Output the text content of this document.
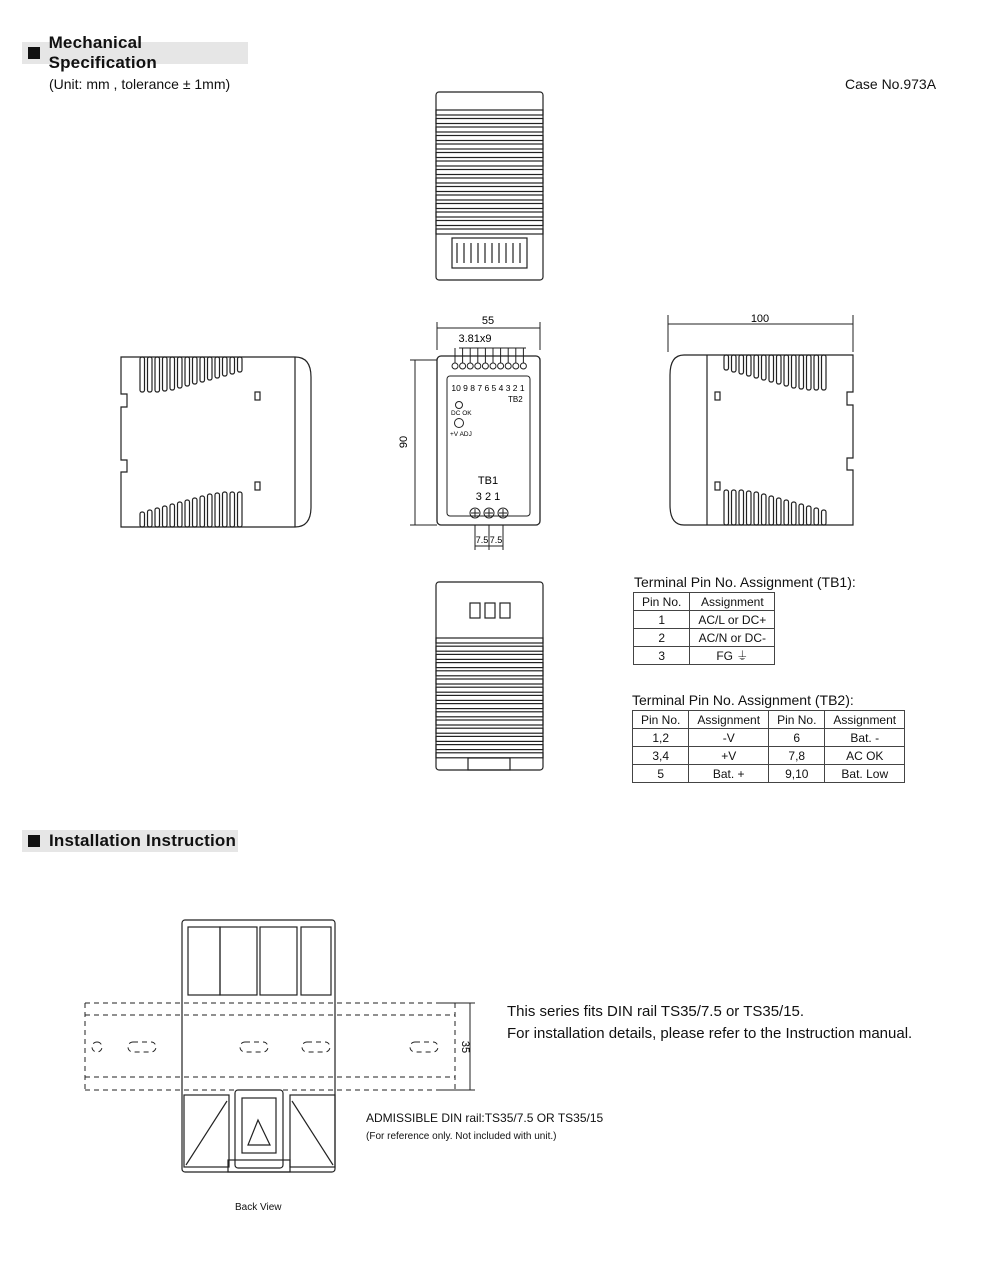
Mechanical Specification
(Unit: mm , tolerance ± 1mm)	Case No.973A
55
3.81x9
90
10 9 8 7 6 5 4 3 2 1
TB2
DC OK
+V ADJ
TB1
3 2 1
7.5 7.5
100
Terminal Pin No. Assignment (TB1):
Pin No.	Assignment
1	AC/L or DC+
2	AC/N or DC-
3	FG ⏚
Terminal Pin No. Assignment (TB2):
Pin No.	Assignment	Pin No.	Assignment
1,2	-V	6	Bat. -
3,4	+V	7,8	AC OK
5	Bat. +	9,10	Bat. Low
Installation Instruction
35
This series fits DIN rail TS35/7.5 or TS35/15.
For installation details, please refer to the Instruction manual.
ADMISSIBLE DIN rail:TS35/7.5 OR TS35/15
(For reference only. Not included with unit.)
Back View
